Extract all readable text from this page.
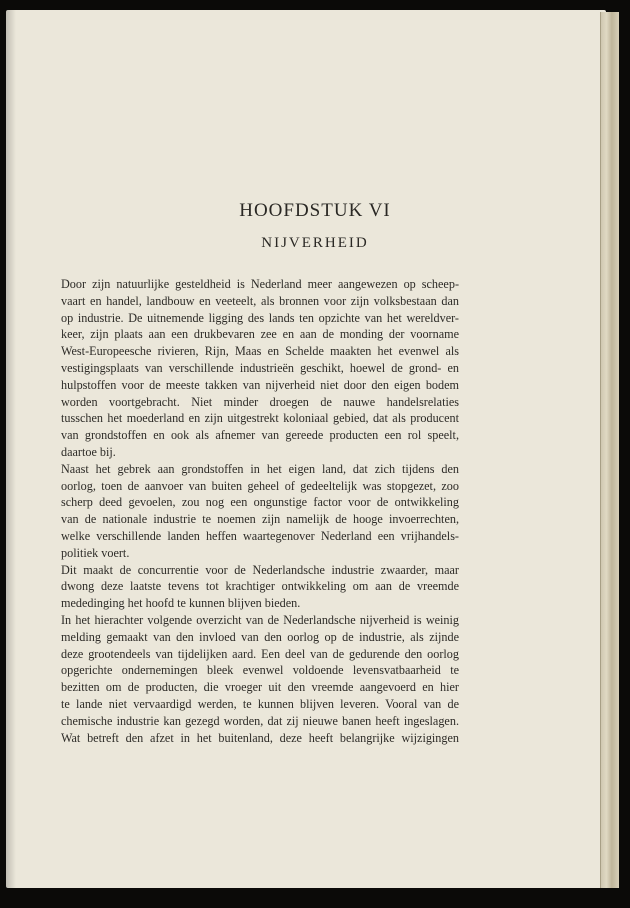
HOOFDSTUK VI
NIJVERHEID
Door zijn natuurlijke gesteldheid is Nederland meer aangewezen op scheep-
vaart en handel, landbouw en veeteelt, als bronnen voor zijn volksbestaan dan
op industrie. De uitnemende ligging des lands ten opzichte van het wereldver-
keer, zijn plaats aan een drukbevaren zee en aan de monding der voorname
West-Europeesche rivieren, Rijn, Maas en Schelde maakten het evenwel als
vestigingsplaats van verschillende industrieën geschikt, hoewel de grond- en
hulpstoffen voor de meeste takken van nijverheid niet door den eigen bodem
worden voortgebracht. Niet minder droegen de nauwe handelsrelaties
tusschen het moederland en zijn uitgestrekt koloniaal gebied, dat als producent
van grondstoffen en ook als afnemer van gereede producten een rol speelt,
daartoe bij.
Naast het gebrek aan grondstoffen in het eigen land, dat zich tijdens den
oorlog, toen de aanvoer van buiten geheel of gedeeltelijk was stopgezet, zoo
scherp deed gevoelen, zou nog een ongunstige factor voor de ontwikkeling
van de nationale industrie te noemen zijn namelijk de hooge invoerrechten,
welke verschillende landen heffen waartegenover Nederland een vrijhandels-
politiek voert.
Dit maakt de concurrentie voor de Nederlandsche industrie zwaarder, maar
dwong deze laatste tevens tot krachtiger ontwikkeling om aan de vreemde
mededinging het hoofd te kunnen blijven bieden.
In het hierachter volgende overzicht van de Nederlandsche nijverheid is weinig
melding gemaakt van den invloed van den oorlog op de industrie, als zijnde
deze grootendeels van tijdelijken aard. Een deel van de gedurende den oorlog
opgerichte ondernemingen bleek evenwel voldoende levensvatbaarheid te
bezitten om de producten, die vroeger uit den vreemde aangevoerd en hier
te lande niet vervaardigd werden, te kunnen blijven leveren. Vooral van de
chemische industrie kan gezegd worden, dat zij nieuwe banen heeft ingeslagen.
Wat betreft den afzet in het buitenland, deze heeft belangrijke wijzigingen
